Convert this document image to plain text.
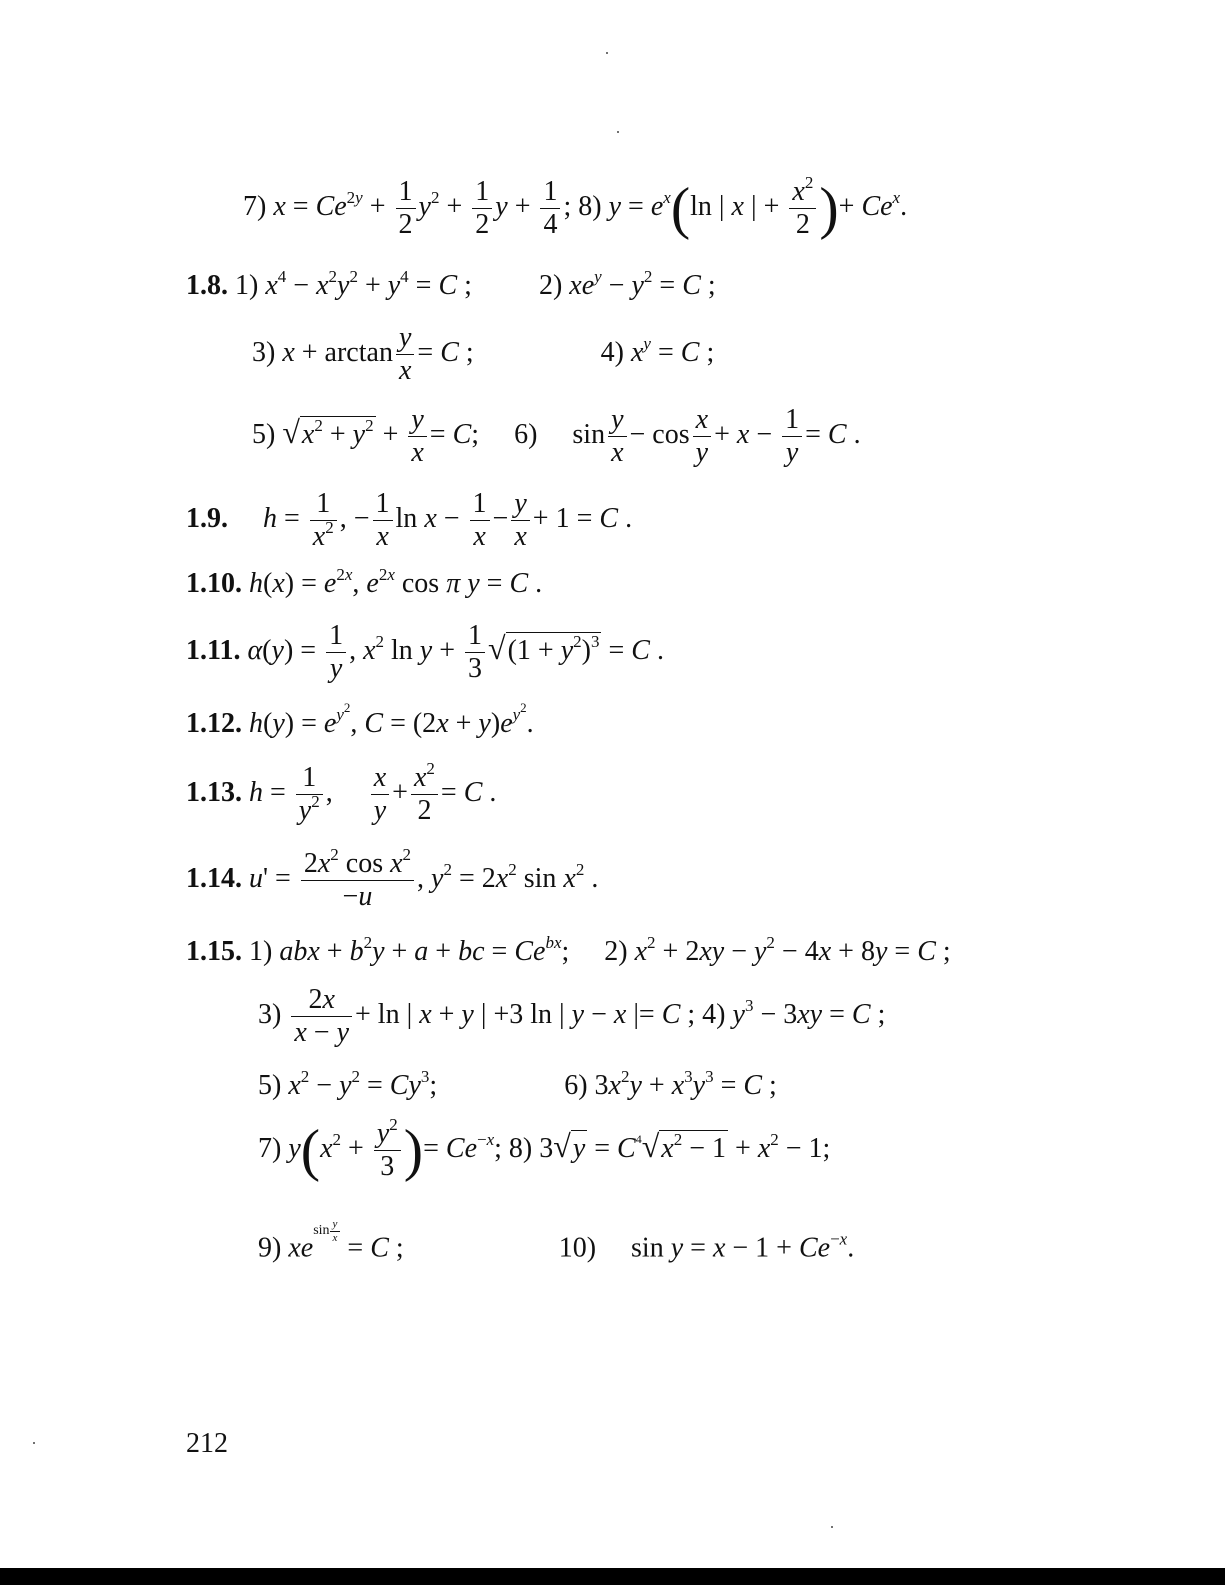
7) $x = Ce^{2y} + \frac{1}{2} y^2 + \frac{1}{2}$ $y + \frac{1}{4}$ ; 8) $y = e^x(\ln$ | x | + $\frac{x^2}{2}$ )+ $Ce^x$.
1.8. 1) $x^4 - x^2y^2 + y^4 = C$ ; 2) $xe^y - y^2 = C$ ;
3) $x + \arctan \frac{y}{x} = C$ ;	4) $x^y = C$ ;
5) $√x^2 + y^2 + \frac{y}{x} = C$; 6) $\sin \frac{y}{x} - \cos \frac{x}{y} + x - \frac{1}{y} = C$ .
1.9. $h = \frac{1}{x^2}$ , − $\frac{1}{x}$ $\ln x - \frac{1}{x} - \frac{y}{x} + 1 = C$ .
1.10. $h(x) = e^{2x}$, $e^{2x}$ cos π y = C .
1.11. $\alpha(y) = \frac{1}{y}$ , $x^2$ $\ln y + \frac{1}{3} √(1 + y^2)^3 = C$ .
1.12. $h(y) = e^{y^2}$, $C = (2x + y)e^{y^2}$.
1.13. $h = \frac{1}{y^2}$ , $\frac{x}{y} + \frac{x^2}{2} = C$ .
1.14. $u' = \frac{2x^2 \cos x^2}{-u}$ , $y^2 = 2x^2$ $\sin x^2$ .
1.15. 1) abx + $b^2y + a$ + bc = $Ce^{bx}$; 2) $x^2 + 2xy - y^2 - 4x + 8y = C$ ;
$3) \frac{2x}{x - y} + \ln$ | x + y | +3 ln | y − x |= C ; 4) $y^3 - 3xy = C$ ;
5) $x^2 - y^2 = Cy^3$;	6) $3x^2y + x^3y^3 = C$ ;
7) $y(x^2 + \frac{y^2}{3}$ )= $Ce^{-x}$; 8) $3√y = C^4√x^2 - 1 + x^2 - 1$;
9) $xe^{sin \frac{y}{x}}$
= C ;	10) $\sin y = x - 1 + Ce^{-x}$.
212
